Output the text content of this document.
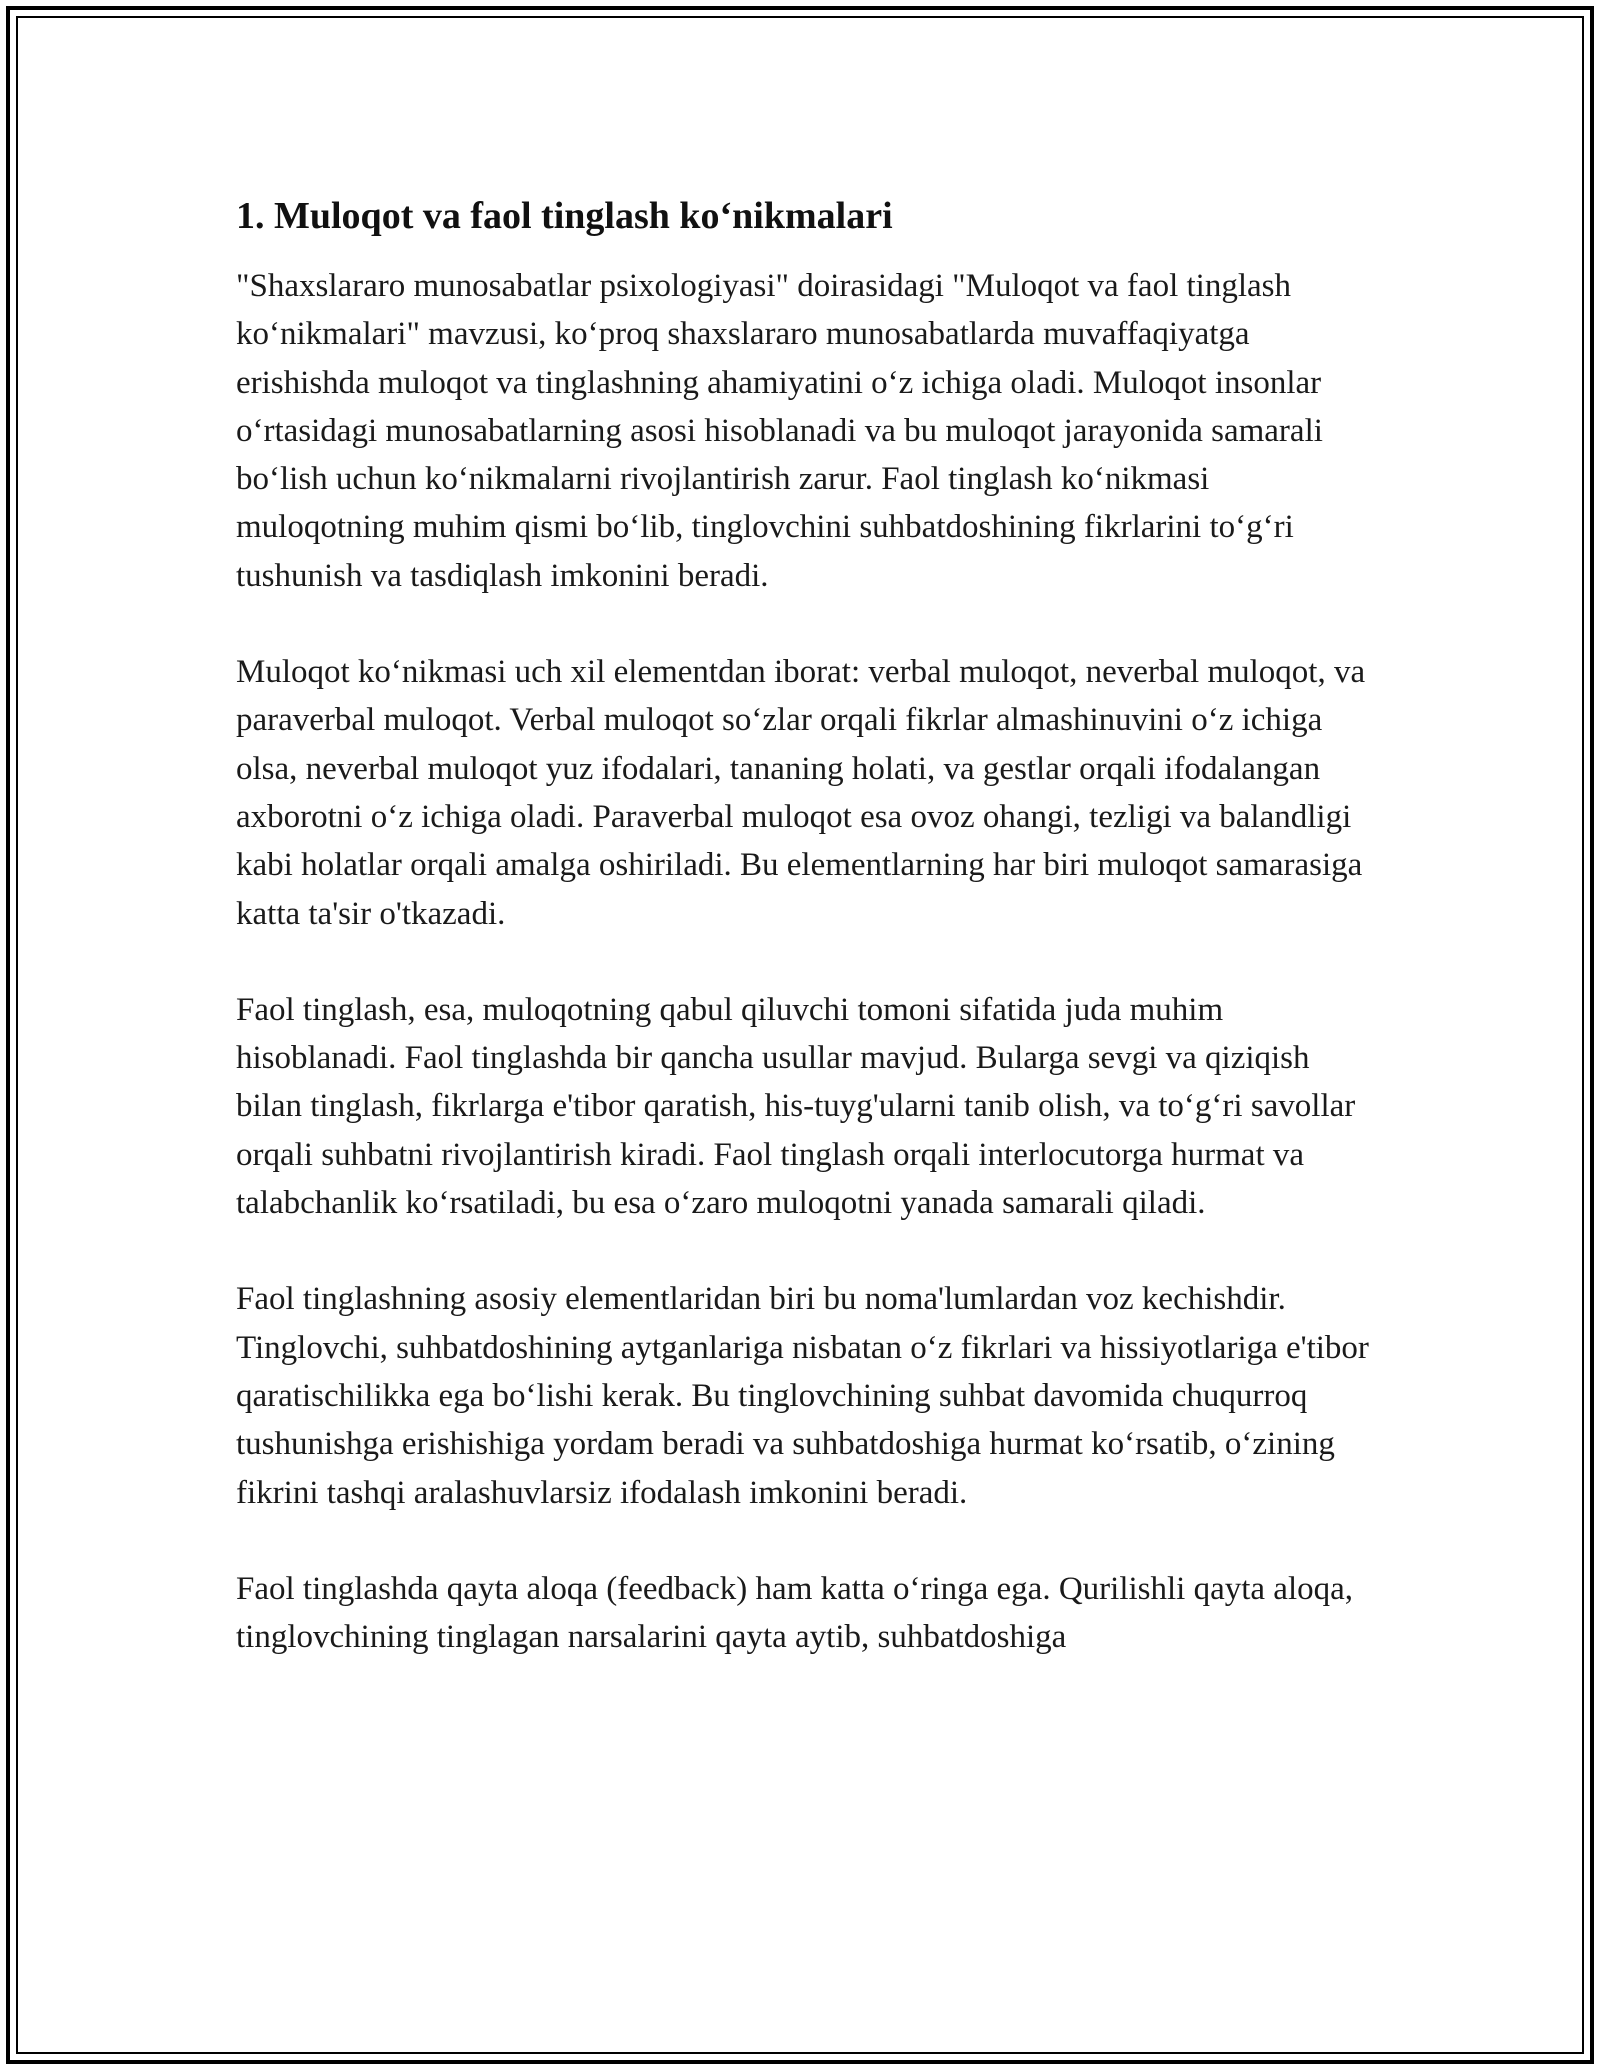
1. Muloqot va faol tinglash ko‘nikmalari

"Shaxslararo munosabatlar psixologiyasi" doirasidagi "Muloqot va faol tinglash ko‘nikmalari" mavzusi, ko‘proq shaxslararo munosabatlarda muvaffaqiyatga erishishda muloqot va tinglashning ahamiyatini o‘z ichiga oladi. Muloqot insonlar o‘rtasidagi munosabatlarning asosi hisoblanadi va bu muloqot jarayonida samarali bo‘lish uchun ko‘nikmalarni rivojlantirish zarur. Faol tinglash ko‘nikmasi muloqotning muhim qismi bo‘lib, tinglovchini suhbatdoshining fikrlarini to‘g‘ri tushunish va tasdiqlash imkonini beradi.

Muloqot ko‘nikmasi uch xil elementdan iborat: verbal muloqot, neverbal muloqot, va paraverbal muloqot. Verbal muloqot so‘zlar orqali fikrlar almashinuvini o‘z ichiga olsa, neverbal muloqot yuz ifodalari, tananing holati, va gestlar orqali ifodalangan axborotni o‘z ichiga oladi. Paraverbal muloqot esa ovoz ohangi, tezligi va balandligi kabi holatlar orqali amalga oshiriladi. Bu elementlarning har biri muloqot samarasiga katta ta'sir o'tkazadi.

Faol tinglash, esa, muloqotning qabul qiluvchi tomoni sifatida juda muhim hisoblanadi. Faol tinglashda bir qancha usullar mavjud. Bularga sevgi va qiziqish bilan tinglash, fikrlarga e'tibor qaratish, his-tuyg'ularni tanib olish, va to‘g‘ri savollar orqali suhbatni rivojlantirish kiradi. Faol tinglash orqali interlocutorga hurmat va talabchanlik ko‘rsatiladi, bu esa o‘zaro muloqotni yanada samarali qiladi.

Faol tinglashning asosiy elementlaridan biri bu noma'lumlardan voz kechishdir. Tinglovchi, suhbatdoshining aytganlariga nisbatan o‘z fikrlari va hissiyotlariga e'tibor qaratischilikka ega bo‘lishi kerak. Bu tinglovchining suhbat davomida chuqurroq tushunishga erishishiga yordam beradi va suhbatdoshiga hurmat ko‘rsatib, o‘zining fikrini tashqi aralashuvlarsiz ifodalash imkonini beradi.

Faol tinglashda qayta aloqa (feedback) ham katta o‘ringa ega. Qurilishli qayta aloqa, tinglovchining tinglagan narsalarini qayta aytib, suhbatdoshiga
